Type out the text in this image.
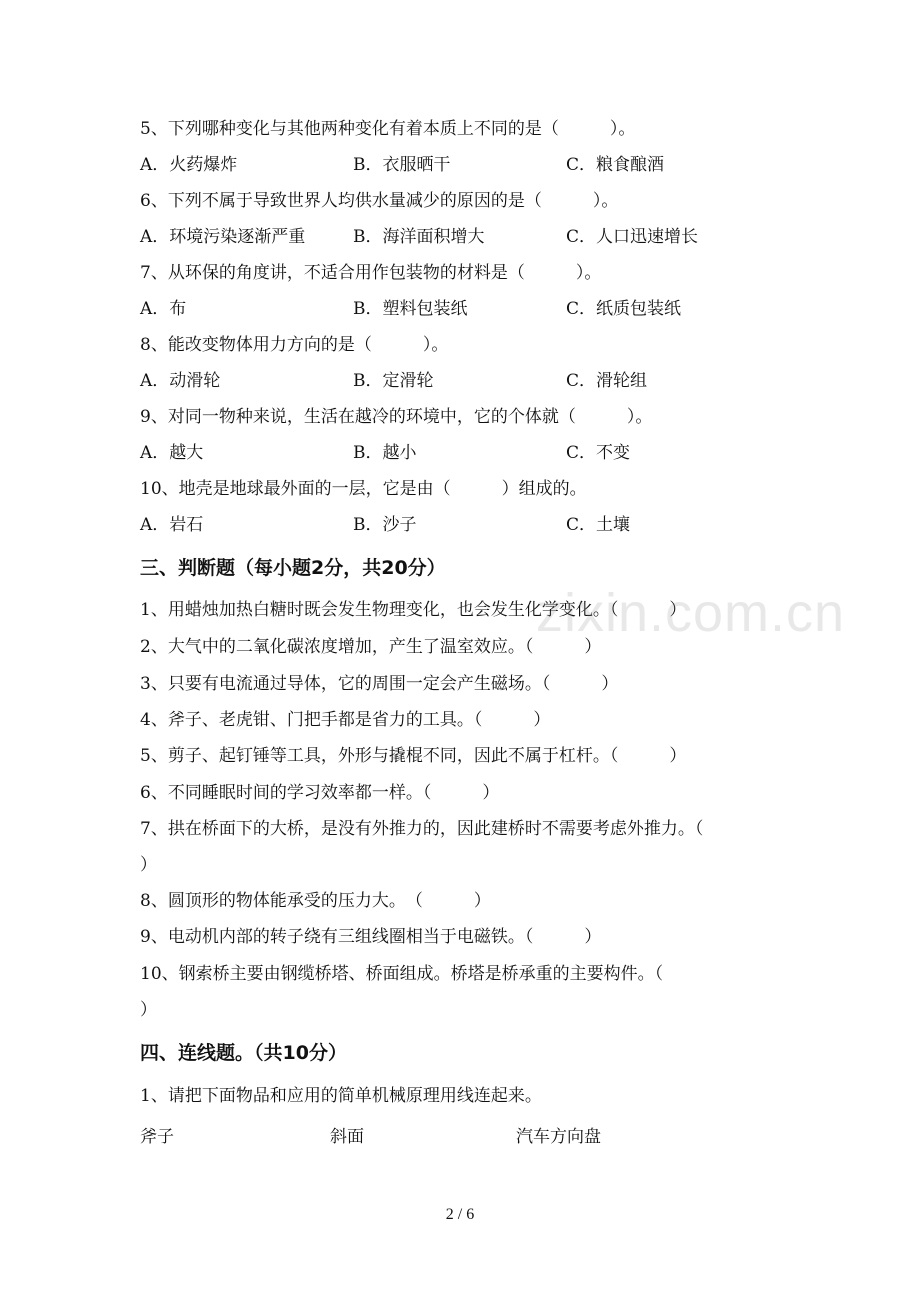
5、下列哪种变化与其他两种变化有着本质上不同的是（　　　）。
A．火药爆炸	B．衣服晒干	C．粮食酿酒
6、下列不属于导致世界人均供水量减少的原因的是（　　　）。
A．环境污染逐渐严重	B．海洋面积增大	C．人口迅速增长
7、从环保的角度讲，不适合用作包装物的材料是（　　　）。
A．布	B．塑料包装纸	C．纸质包装纸
8、能改变物体用力方向的是（　　　）。
A．动滑轮	B．定滑轮	C．滑轮组
9、对同一物种来说，生活在越冷的环境中，它的个体就（　　　）。
A．越大	B．越小	C．不变
10、地壳是地球最外面的一层，它是由（　　　）组成的。
A．岩石	B．沙子	C．土壤
三、判断题（每小题2分，共20分）
1、用蜡烛加热白糖时既会发生物理变化，也会发生化学变化。（　　　）
2、大气中的二氧化碳浓度增加，产生了温室效应。（　　　）
3、只要有电流通过导体，它的周围一定会产生磁场。（　　　）
4、斧子、老虎钳、门把手都是省力的工具。（　　　）
5、剪子、起钉锤等工具，外形与撬棍不同，因此不属于杠杆。（　　　）
6、不同睡眠时间的学习效率都一样。（　　　）
7、拱在桥面下的大桥，是没有外推力的，因此建桥时不需要考虑外推力。（
）
8、圆顶形的物体能承受的压力大。　（　　　）
9、电动机内部的转子绕有三组线圈相当于电磁铁。（　　　）
10、钢索桥主要由钢缆桥塔、桥面组成。桥塔是桥承重的主要构件。（
）
zixin.com.cn
四、连线题。（共10分）
1、请把下面物品和应用的简单机械原理用线连起来。
斧子	斜面	汽车方向盘
2 / 6
